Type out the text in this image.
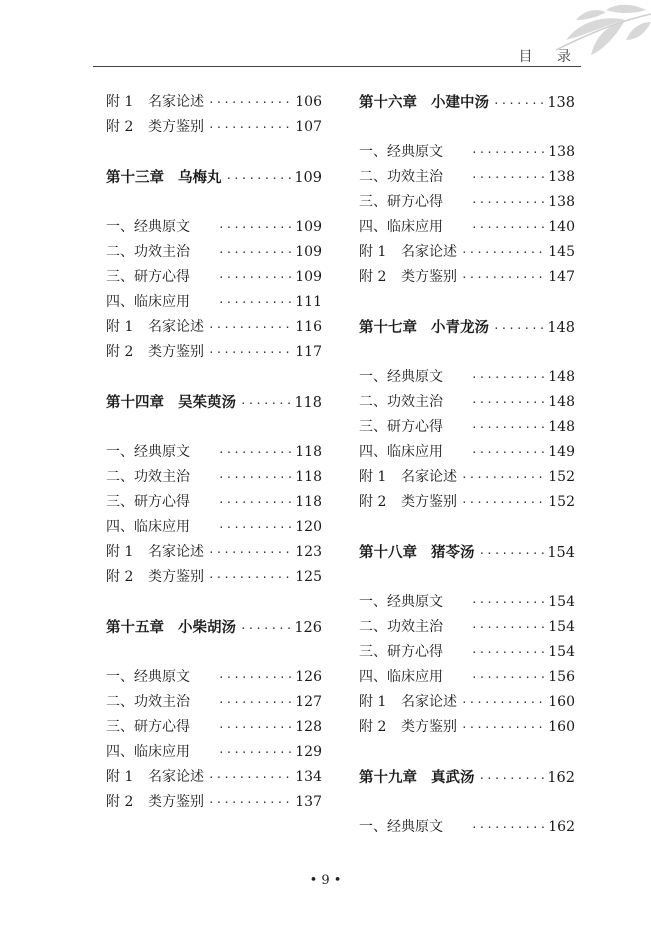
目 录
附 1 名家论述 ·····	106
附 2 类方鉴别 ·····	107
第十三章 乌梅丸 ·····	109
一、经典原文 ·····	109
二、功效主治 ·····	109
三、研方心得 ·····	109
四、临床应用 ·····	111
附 1 名家论述 ·····	116
附 2 类方鉴别 ·····	117
第十四章 吴茱萸汤 ·····	118
一、经典原文 ·····	118
二、功效主治 ·····	118
三、研方心得 ·····	118
四、临床应用 ·····	120
附 1 名家论述 ·····	123
附 2 类方鉴别 ·····	125
第十五章 小柴胡汤 ·····	126
一、经典原文 ·····	126
二、功效主治 ·····	127
三、研方心得 ·····	128
四、临床应用 ·····	129
附 1 名家论述 ·····	134
附 2 类方鉴别 ·····	137
第十六章 小建中汤 ·····	138
一、经典原文 ·····	138
二、功效主治 ·····	138
三、研方心得 ·····	138
四、临床应用 ·····	140
附 1 名家论述 ·····	145
附 2 类方鉴别 ·····	147
第十七章 小青龙汤 ·····	148
一、经典原文 ·····	148
二、功效主治 ·····	148
三、研方心得 ·····	148
四、临床应用 ·····	149
附 1 名家论述 ·····	152
附 2 类方鉴别 ·····	152
第十八章 猪苓汤 ·····	154
一、经典原文 ·····	154
二、功效主治 ·····	154
三、研方心得 ·····	154
四、临床应用 ·····	156
附 1 名家论述 ·····	160
附 2 类方鉴别 ·····	160
第十九章 真武汤 ·····	162
一、经典原文 ·····	162
• 9 •
